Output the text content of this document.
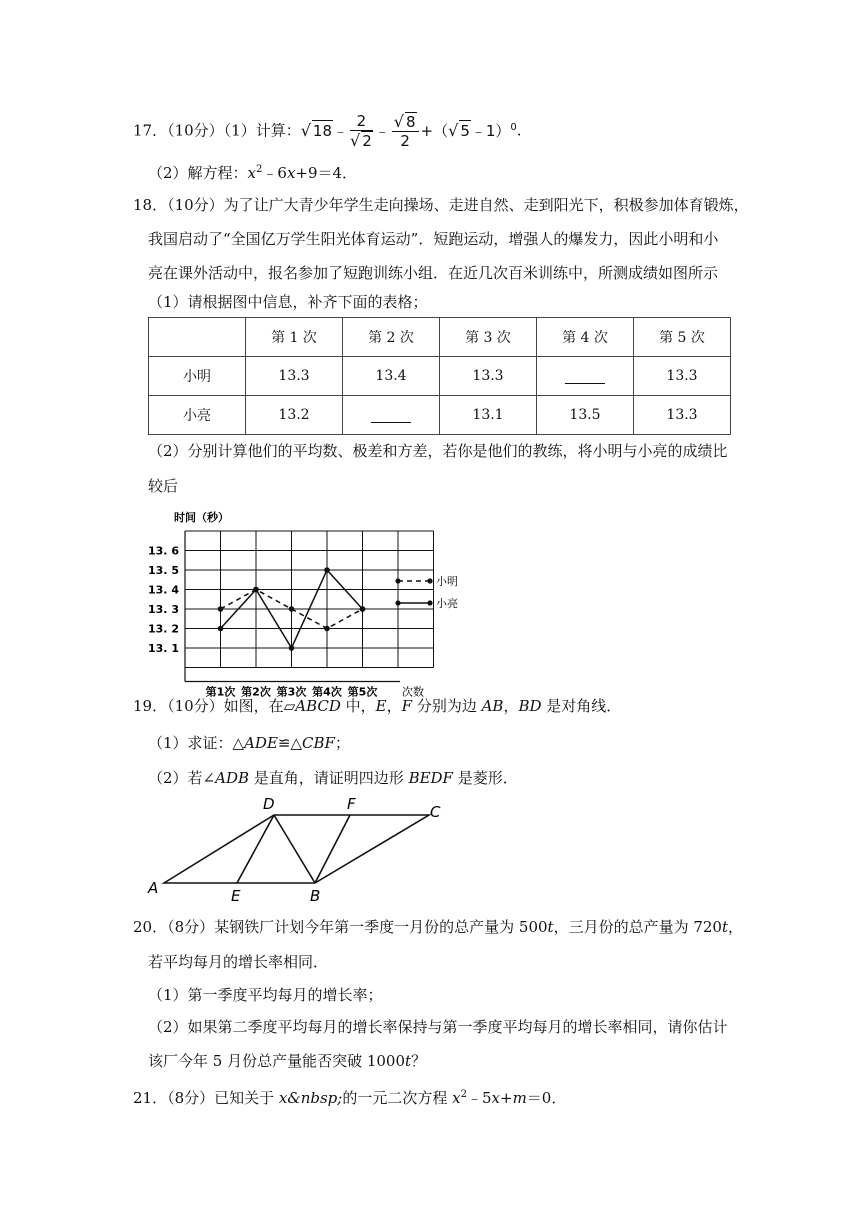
17．（10分）（1）计算：√ 18﹣ $\frac{2}{√ 2}$ ﹣ $\frac{√ 8}{2}$ +（√ 5﹣1）$^0$.
（2）解方程：$x^2﹣6x+9=4$．
18．（10分）为了让广大青少年学生走向操场、走进自然、走到阳光下，积极参加体育锻炼，
我国启动了“全国亿万学生阳光体育运动”．短跑运动，增强人的爆发力，因此小明和小
亮在课外活动中，报名参加了短跑训练小组．在近几次百米训练中，所测成绩如图所示
（1）请根据图中信息，补齐下面的表格；
	第 1 次	第 2 次	第 3 次	第 4 次	第 5 次
小明	13.3	13.4	13.3		13.3
小亮	13.2		13.1	13.5	13.3
（2）分别计算他们的平均数、极差和方差，若你是他们的教练，将小明与小亮的成绩比
较后
时间（秒）
13. 6
13. 5
13. 4
13. 3
13. 2
13. 1
第1次 第2次 第3次 第4次 第5次 次数
小明
小亮
19．（10分）如图，在▱ABCD 中，E，F 分别为边 AB，BD 是对角线．
（1）求证：△ADE≌△CBF；
（2）若∠ADB 是直角，请证明四边形 BEDF 是菱形．
A	E	B
D	F	C
20．（8分）某钢铁厂计划今年第一季度一月份的总产量为 500t，三月份的总产量为 720t，
若平均每月的增长率相同．
（1）第一季度平均每月的增长率；
（2）如果第二季度平均每月的增长率保持与第一季度平均每月的增长率相同，请你估计
该厂今年 5 月份总产量能否突破 1000t？
21．（8分）已知关于 x&nbsp;的一元二次方程 $x^2﹣5x+m=0$．
